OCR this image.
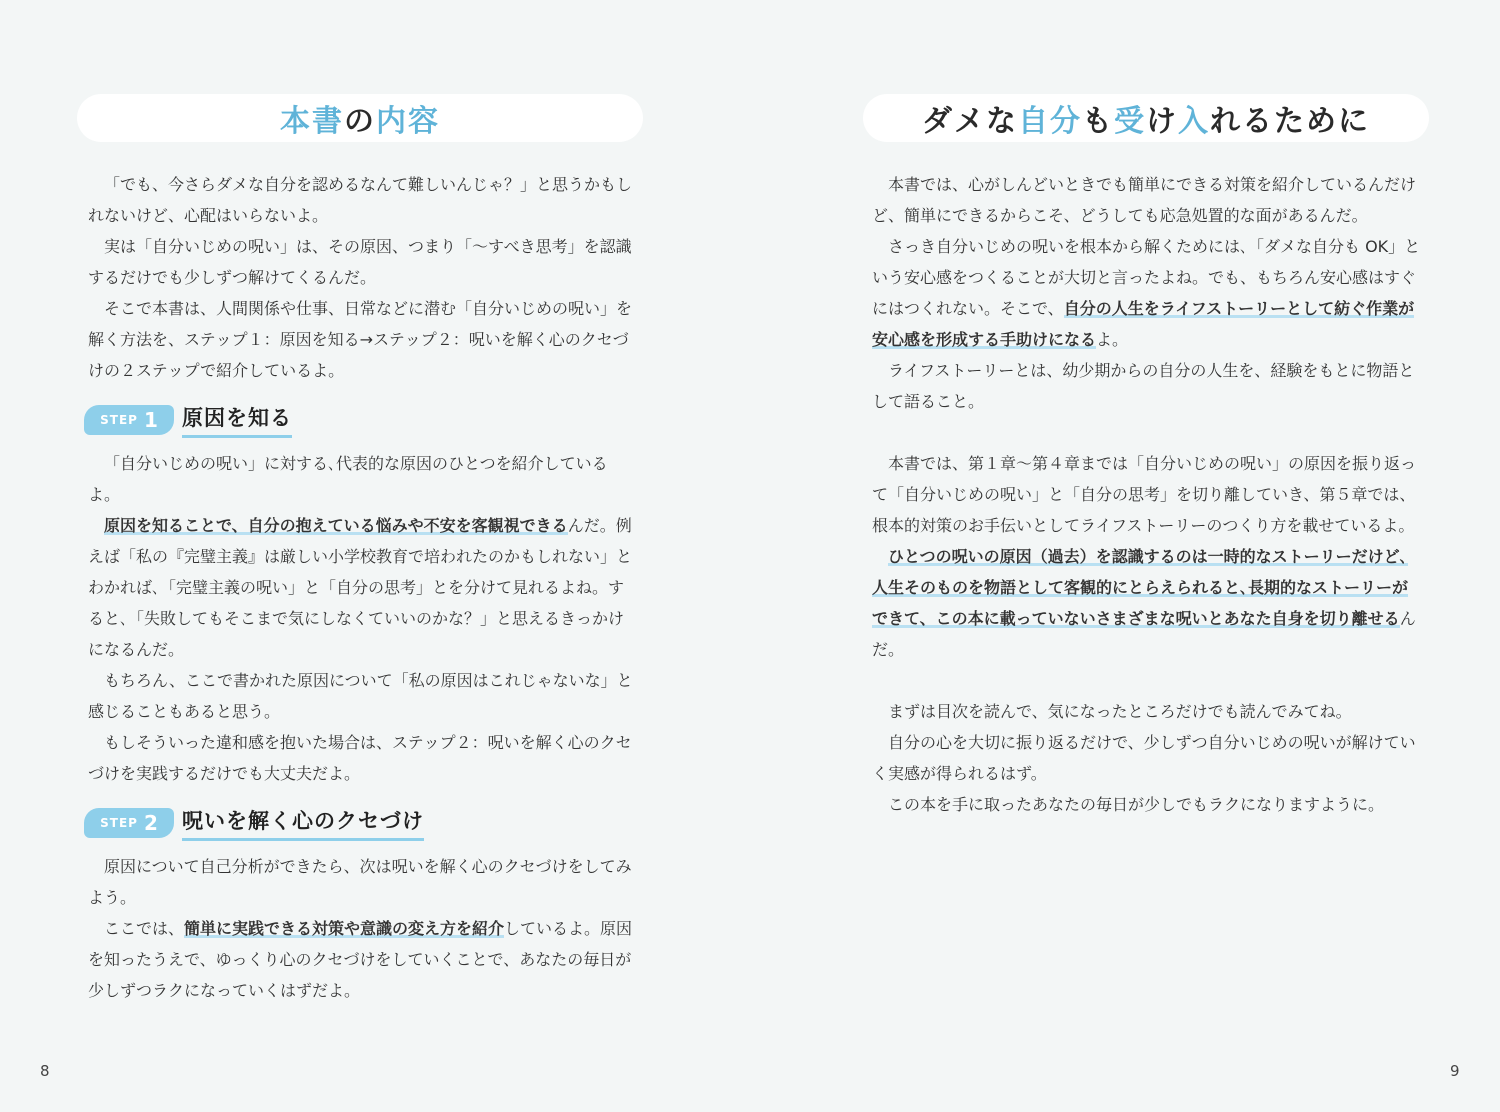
本書 の 内容

「でも、今さらダメな自分を認めるなんて難しいんじゃ？」と思うかもしれないけど、心配はいらないよ。

実は「自分いじめの呪い」は、その原因、つまり「〜すべき思考」を認識するだけでも少しずつ解けてくるんだ。

そこで本書は、人間関係や仕事、日常などに潜む「自分いじめの呪い」を解く方法を、ステップ１：原因を知る→ステップ２：呪いを解く心のクセづけの２ステップで紹介しているよ。

STEP 1 原因を知る

「自分いじめの呪い」に対する､代表的な原因のひとつを紹介しているよ。

原因を知ることで、自分の抱えている悩みや不安を客観視できるんだ。例えば「私の『完璧主義』は厳しい小学校教育で培われたのかもしれない」とわかれば､「完璧主義の呪い」と「自分の思考」とを分けて見れるよね。すると､「失敗してもそこまで気にしなくていいのかな？」と思えるきっかけになるんだ。

もちろん、ここで書かれた原因について「私の原因はこれじゃないな」と感じることもあると思う。

もしそういった違和感を抱いた場合は、ステップ２：呪いを解く心のクセづけを実践するだけでも大丈夫だよ。

STEP 2 呪いを解く心のクセづけ

原因について自己分析ができたら、次は呪いを解く心のクセづけをしてみよう。

ここでは、簡単に実践できる対策や意識の変え方を紹介しているよ。原因を知ったうえで、ゆっくり心のクセづけをしていくことで、あなたの毎日が少しずつラクになっていくはずだよ。

8
ダメな 自分 も 受 け 入 れるために

本書では、心がしんどいときでも簡単にできる対策を紹介しているんだけど、簡単にできるからこそ、どうしても応急処置的な面があるんだ。

さっき自分いじめの呪いを根本から解くためには､「ダメな自分も OK」という安心感をつくることが大切と言ったよね。でも、もちろん安心感はすぐにはつくれない。そこで、自分の人生をライフストーリーとして紡ぐ作業が安心感を形成する手助けになるよ。

ライフストーリーとは、幼少期からの自分の人生を、経験をもとに物語として語ること。

本書では、第１章〜第４章までは「自分いじめの呪い」の原因を振り返って「自分いじめの呪い」と「自分の思考」を切り離していき、第５章では、根本的対策のお手伝いとしてライフストーリーのつくり方を載せているよ。

ひとつの呪いの原因（過去）を認識するのは一時的なストーリーだけど､人生そのものを物語として客観的にとらえられると､長期的なストーリーができて、この本に載っていないさまざまな呪いとあなた自身を切り離せるんだ。

まずは目次を読んで、気になったところだけでも読んでみてね。

自分の心を大切に振り返るだけで、少しずつ自分いじめの呪いが解けていく実感が得られるはず。

この本を手に取ったあなたの毎日が少しでもラクになりますように。

9
